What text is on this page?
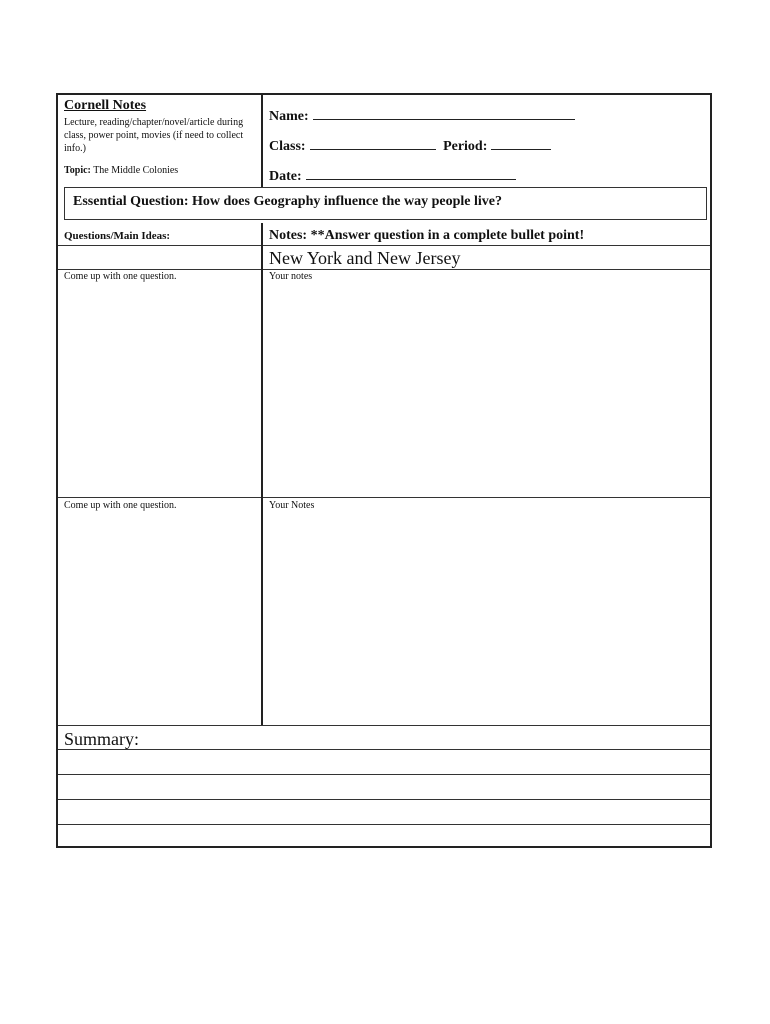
Cornell Notes
Lecture, reading/chapter/novel/article during class, power point, movies (if need to collect info.)
Topic: The Middle Colonies
Name:
Class:	Period:
Date:
Essential Question: How does Geography influence the way people live?
Questions/Main Ideas:	Notes: **Answer question in a complete bullet point!
New York and New Jersey
Come up with one question.	Your notes
Come up with one question.	Your Notes
Summary:
